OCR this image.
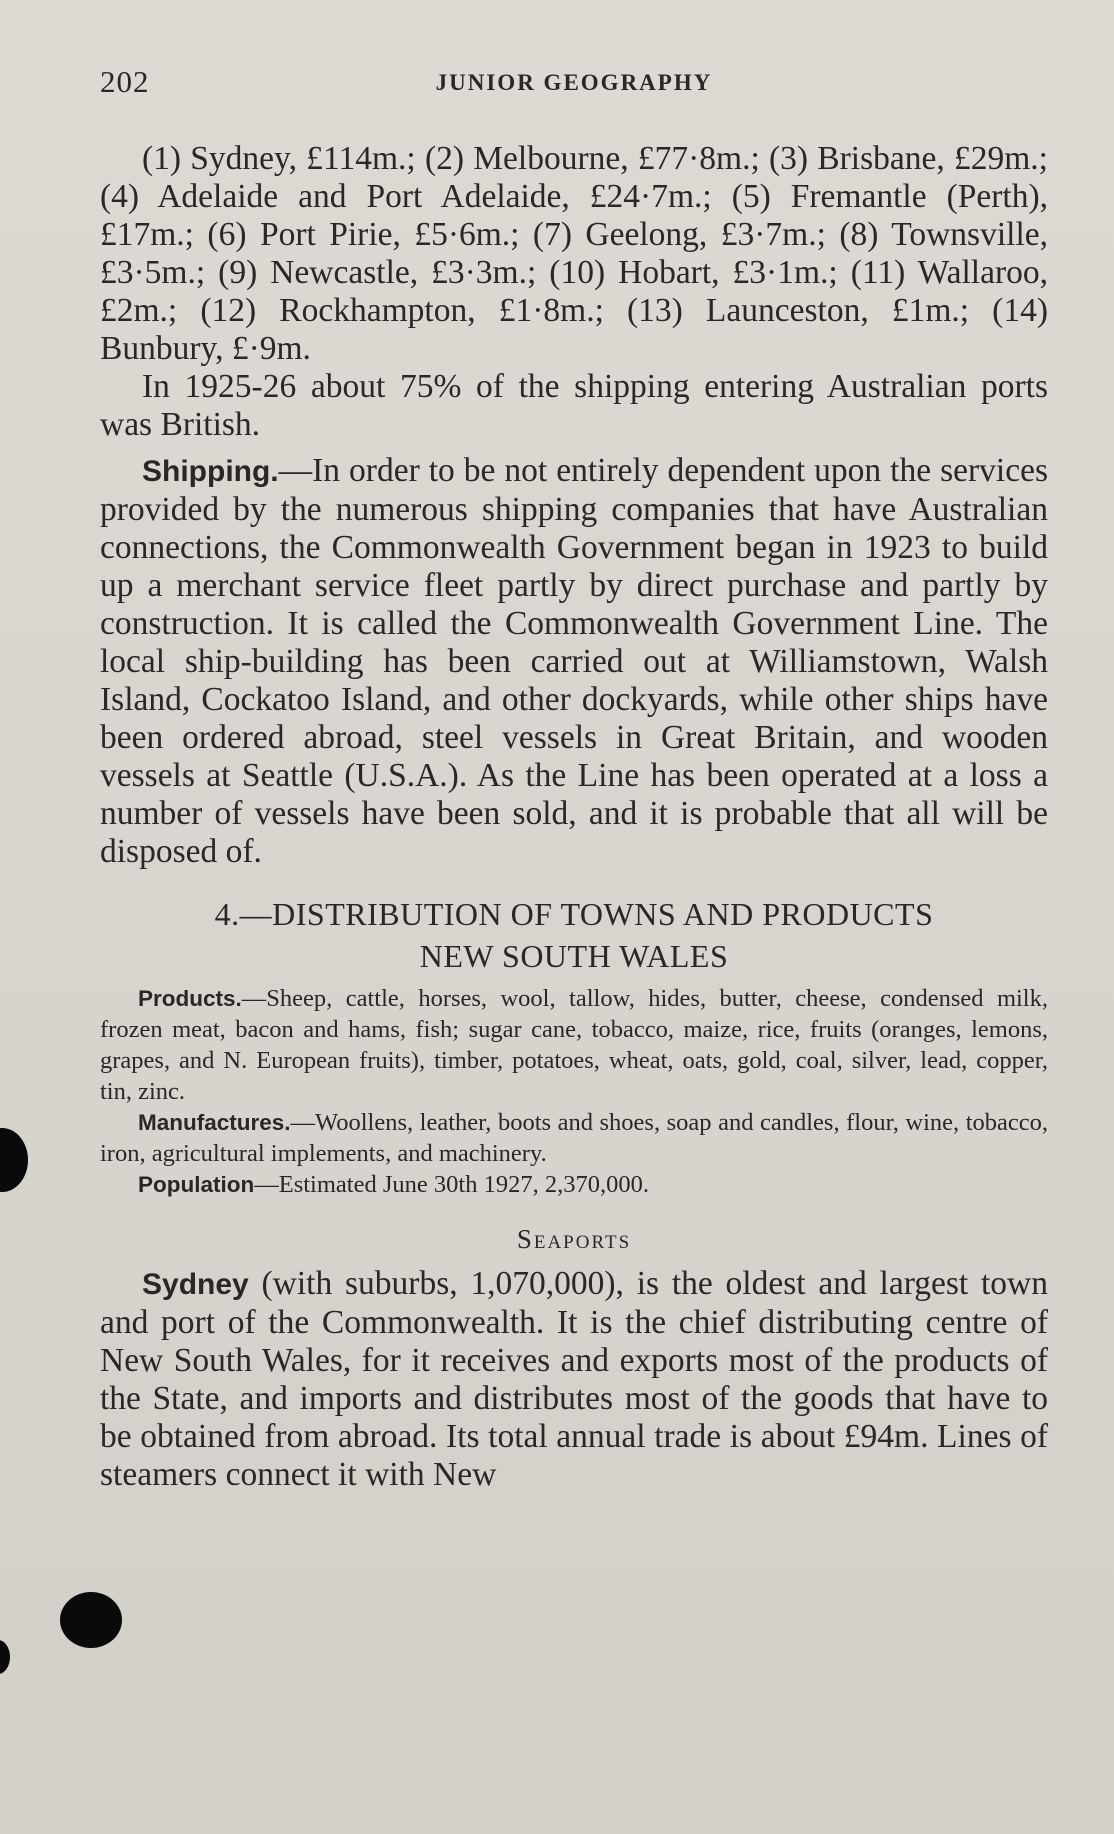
202	JUNIOR GEOGRAPHY

(1) Sydney, £114m.; (2) Melbourne, £77·8m.; (3) Brisbane, £29m.; (4) Adelaide and Port Adelaide, £24·7m.; (5) Fremantle (Perth), £17m.; (6) Port Pirie, £5·6m.; (7) Geelong, £3·7m.; (8) Townsville, £3·5m.; (9) Newcastle, £3·3m.; (10) Hobart, £3·1m.; (11) Wallaroo, £2m.; (12) Rockhampton, £1·8m.; (13) Launceston, £1m.; (14) Bunbury, £·9m.

In 1925-26 about 75% of the shipping entering Australian ports was British.

Shipping.—In order to be not entirely dependent upon the services provided by the numerous shipping companies that have Australian connections, the Commonwealth Government began in 1923 to build up a merchant service fleet partly by direct purchase and partly by construction. It is called the Commonwealth Government Line. The local ship-building has been carried out at Williamstown, Walsh Island, Cockatoo Island, and other dockyards, while other ships have been ordered abroad, steel vessels in Great Britain, and wooden vessels at Seattle (U.S.A.). As the Line has been operated at a loss a number of vessels have been sold, and it is probable that all will be disposed of.

4.—DISTRIBUTION OF TOWNS AND PRODUCTS
NEW SOUTH WALES

Products.—Sheep, cattle, horses, wool, tallow, hides, butter, cheese, condensed milk, frozen meat, bacon and hams, fish; sugar cane, tobacco, maize, rice, fruits (oranges, lemons, grapes, and N. European fruits), timber, potatoes, wheat, oats, gold, coal, silver, lead, copper, tin, zinc.

Manufactures.—Woollens, leather, boots and shoes, soap and candles, flour, wine, tobacco, iron, agricultural implements, and machinery.

Population—Estimated June 30th 1927, 2,370,000.

Seaports

Sydney (with suburbs, 1,070,000), is the oldest and largest town and port of the Commonwealth. It is the chief distributing centre of New South Wales, for it receives and exports most of the products of the State, and imports and distributes most of the goods that have to be obtained from abroad. Its total annual trade is about £94m. Lines of steamers connect it with New
